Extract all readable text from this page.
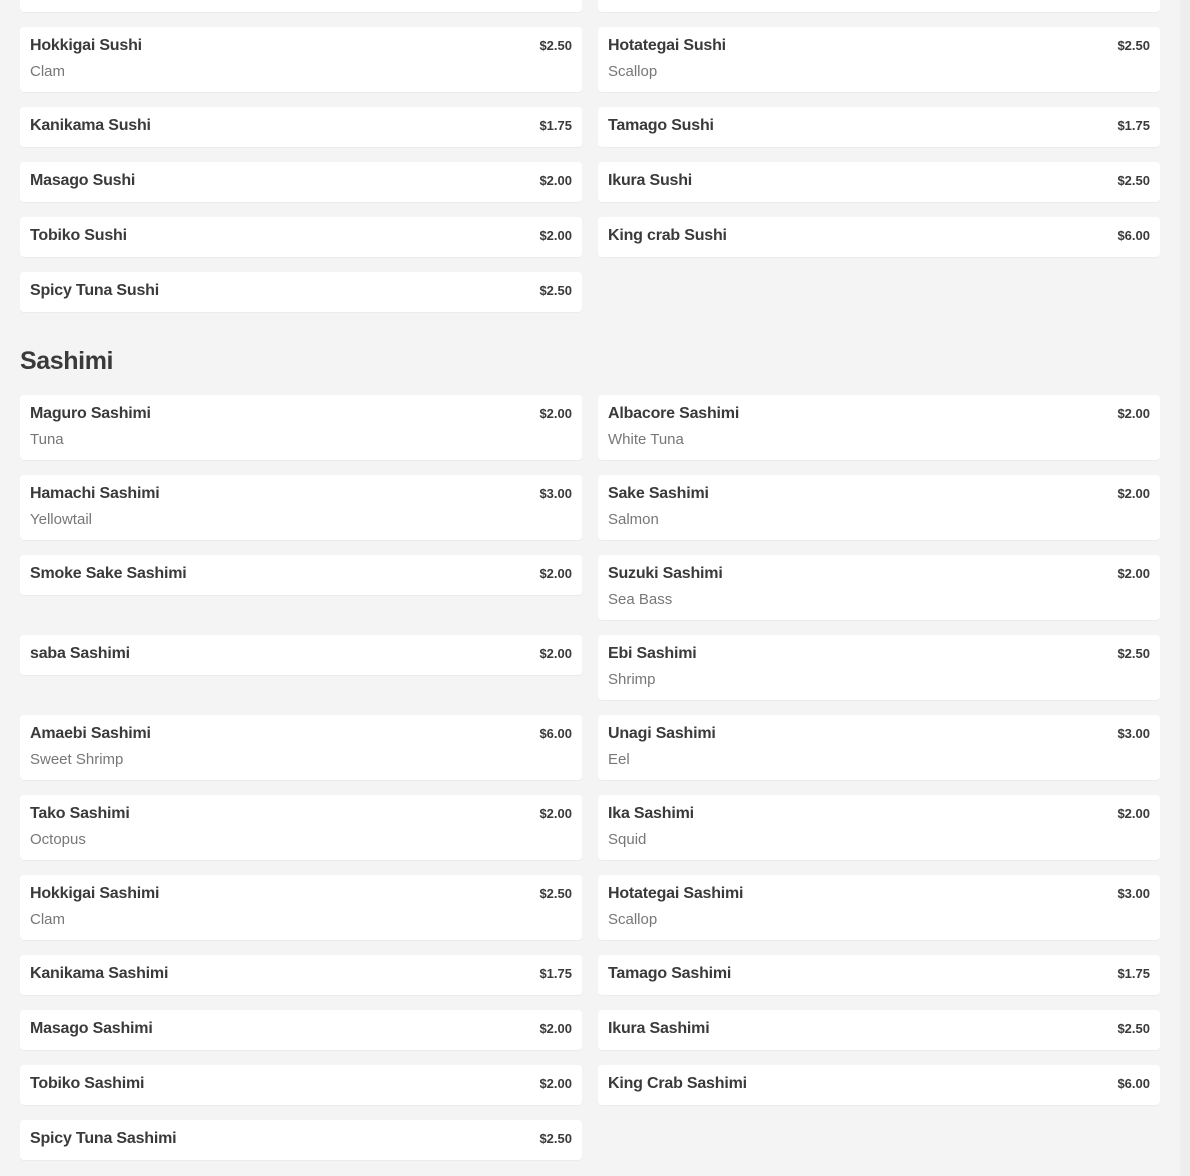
Hokkigai Sushi	$2.50
Clam
Hotategai Sushi	$2.50
Scallop
Kanikama Sushi	$1.75 Tamago Sushi	$1.75
Masago Sushi	$2.00 Ikura Sushi	$2.50
Tobiko Sushi	$2.00 King crab Sushi	$6.00
Spicy Tuna Sushi	$2.50
Sashimi
Maguro Sashimi	$2.00
Tuna
Albacore Sashimi	$2.00
White Tuna
Hamachi Sashimi	$3.00
Yellowtail
Sake Sashimi	$2.00
Salmon
Smoke Sake Sashimi	$2.00 Suzuki Sashimi	$2.00
Sea Bass
saba Sashimi	$2.00 Ebi Sashimi	$2.50
Shrimp
Amaebi Sashimi	$6.00
Sweet Shrimp
Unagi Sashimi	$3.00
Eel
Tako Sashimi	$2.00
Octopus
Ika Sashimi	$2.00
Squid
Hokkigai Sashimi	$2.50
Clam
Hotategai Sashimi	$3.00
Scallop
Kanikama Sashimi	$1.75 Tamago Sashimi	$1.75
Masago Sashimi	$2.00 Ikura Sashimi	$2.50
Tobiko Sashimi	$2.00 King Crab Sashimi	$6.00
Spicy Tuna Sashimi	$2.50
